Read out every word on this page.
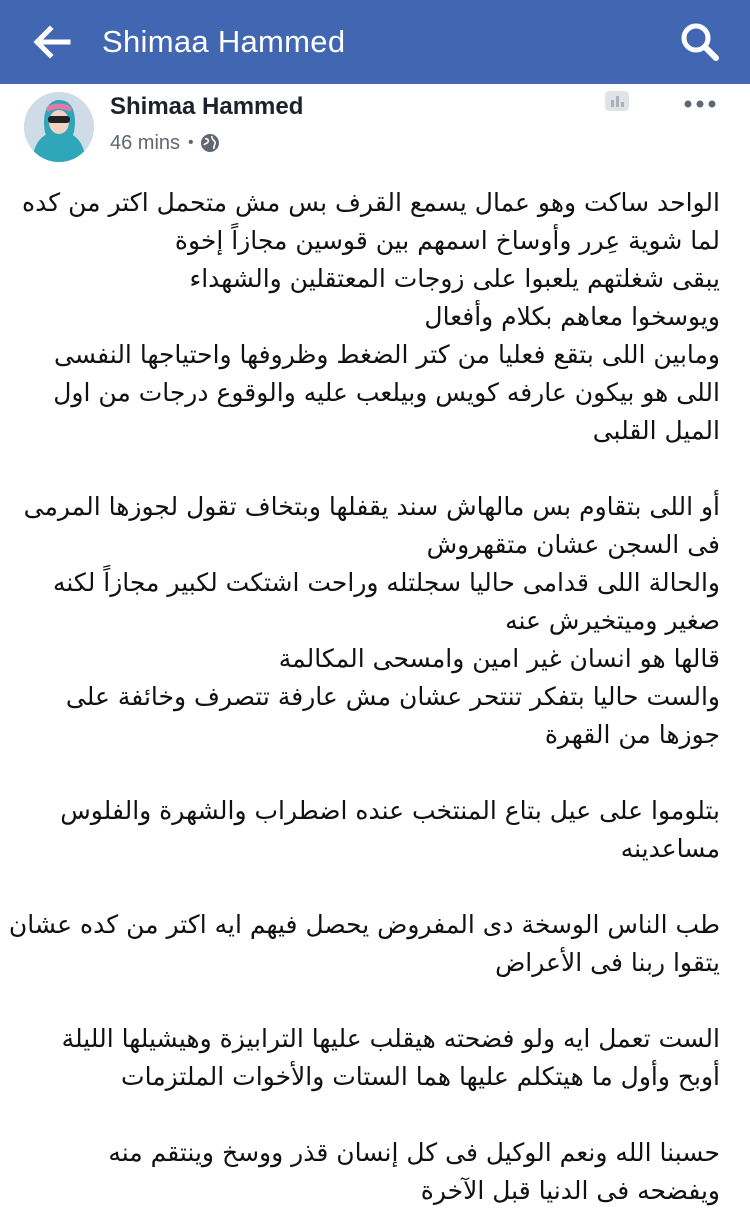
Shimaa Hammed
Shimaa Hammed
46 mins •
الواحد ساكت وهو عمال يسمع القرف بس مش متحمل اكتر من كده
لما شوية عِرر وأوساخ اسمهم بين قوسين مجازاً إخوة
يبقى شغلتهم يلعبوا على زوجات المعتقلين والشهداء
ويوسخوا معاهم بكلام وأفعال
ومابين اللى بتقع فعليا من كتر الضغط وظروفها واحتياجها النفسى
اللى هو بيكون عارفه كويس وبيلعب عليه والوقوع درجات من اول
الميل القلبى
أو اللى بتقاوم بس مالهاش سند يقفلها وبتخاف تقول لجوزها المرمى
فى السجن عشان متقهروش
والحالة اللى قدامى حاليا سجلتله وراحت اشتكت لكبير مجازاً لكنه
صغير وميتخيرش عنه
قالها هو انسان غير امين وامسحى المكالمة
والست حاليا بتفكر تنتحر عشان مش عارفة تتصرف وخائفة على
جوزها من القهرة
بتلوموا على عيل بتاع المنتخب عنده اضطراب والشهرة والفلوس
مساعدينه
طب الناس الوسخة دى المفروض يحصل فيهم ايه اكتر من كده عشان
يتقوا ربنا فى الأعراض
الست تعمل ايه ولو فضحته هيقلب عليها الترابيزة وهيشيلها الليلة
أوبح وأول ما هيتكلم عليها هما الستات والأخوات الملتزمات
حسبنا الله ونعم الوكيل فى كل إنسان قذر ووسخ وينتقم منه
ويفضحه فى الدنيا قبل الآخرة
